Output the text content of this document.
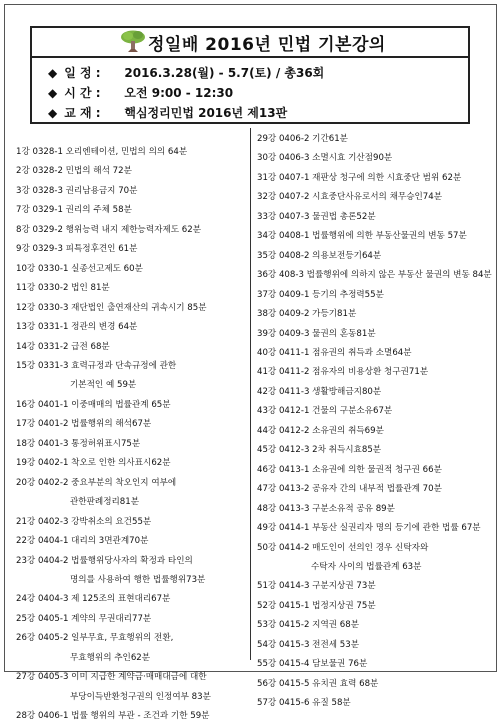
정일배 2016년 민법 기본강의
◆ 일 정 : 2016.3.28(월) - 5.7(토) / 총36회
◆ 시 간 : 오전 9:00 - 12:30
◆ 교 재 : 핵심정리민법 2016년 제13판
1강 0328-1 오리엔테이션, 민법의 의의 64분
2강 0328-2 민법의 해석 72분
3강 0328-3 권리남용금지 70분
7강 0329-1 권리의 주체 58분
8강 0329-2 행위능력 내지 제한능력자제도 62분
9강 0329-3 피특정후견인 61분
10강 0330-1 실종선고제도 60분
11강 0330-2 법인 81분
12강 0330-3 재단법인 출연재산의 귀속시기 85분
13강 0331-1 정관의 변경 64분
14강 0331-2 급전 68분
15강 0331-3 효력규정과 단속규정에 관한
기본적인 예 59분
16강 0401-1 이중매매의 법률관계 65분
17강 0401-2 법률행위의 해석67분
18강 0401-3 통정허위표시75분
19강 0402-1 착오로 인한 의사표시62분
20강 0402-2 중요부분의 착오인지 여부에
관한판례정리81분
21강 0402-3 강박취소의 요건55분
22강 0404-1 대리의 3면관계70분
23강 0404-2 법률행위당사자의 확정과 타인의
명의를 사용하여 행한 법률행위73분
24강 0404-3 제 125조의 표현대리67분
25강 0405-1 계약의 무권대리77분
26강 0405-2 일부무효, 무효행위의 전환,
무효행위의 추인62분
27강 0405-3 이미 지급한 계약금·매매대금에 대한
부당이득반환청구권의 인정여부 83분
28강 0406-1 법률 행위의 부관 - 조건과 기한 59분
29강 0406-2 기간61분
30강 0406-3 소멸시효 기산점90분
31강 0407-1 재판상 청구에 의한 시효중단 범위 62분
32강 0407-2 시효중단사유로서의 채무승인74분
33강 0407-3 물권법 총론52분
34강 0408-1 법률행위에 의한 부동산물권의 변동 57분
35강 0408-2 의용보전등기64분
36강 408-3 법률행위에 의하지 않은 부동산 물권의 변동 84분
37강 0409-1 등기의 추정력55분
38강 0409-2 가등기81분
39강 0409-3 물권의 혼동81분
40강 0411-1 점유권의 취득과 소멸64분
41강 0411-2 점유자의 비용상환 청구권71분
42강 0411-3 생활방해금지80분
43강 0412-1 건물의 구분소유67분
44강 0412-2 소유권의 취득69분
45강 0412-3 2차 취득시효85분
46강 0413-1 소유권에 의한 물권적 청구권 66분
47강 0413-2 공유자 간의 내부적 법률관계 70분
48강 0413-3 구분소유적 공유 89분
49강 0414-1 부동산 실권리자 명의 등기에 관한 법률 67분
50강 0414-2 매도인이 선의인 경우 신탁자와
수탁자 사이의 법률관계 63분
51강 0414-3 구분지상권 73분
52강 0415-1 법정지상권 75분
53강 0415-2 지역권 68분
54강 0415-3 전전세 53분
55강 0415-4 담보물권 76분
56강 0415-5 유치권 효력 68분
57강 0415-6 유질 58분
